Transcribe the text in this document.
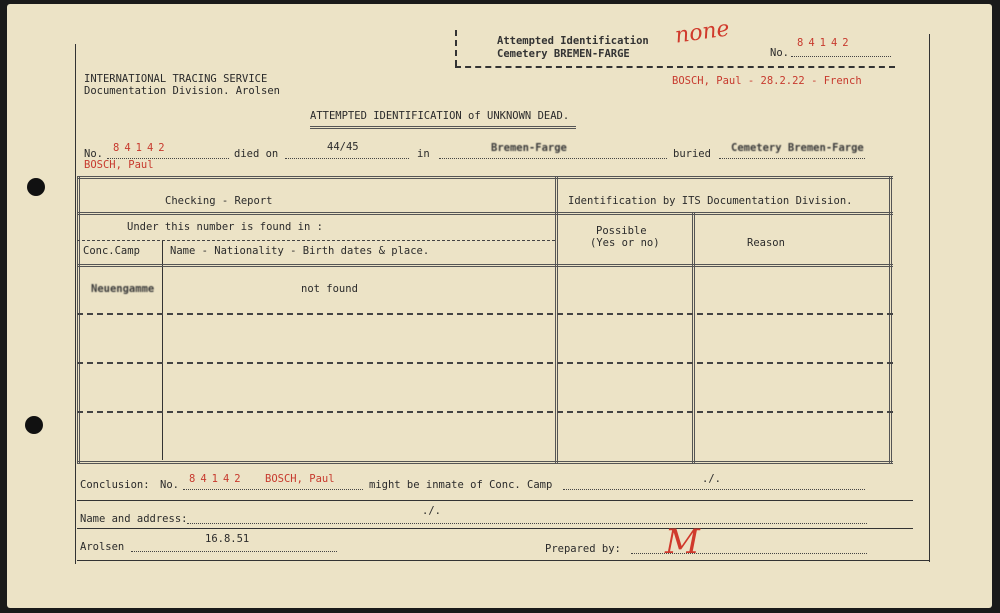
Attempted Identification
Cemetery BREMEN-FARGE
none
No.
84142
INTERNATIONAL TRACING SERVICE
Documentation Division. Arolsen
BOSCH, Paul - 28.2.22 - French
ATTEMPTED IDENTIFICATION of UNKNOWN DEAD.
No. 84142
BOSCH, Paul
died on
44/45
in	Bremen-Farge	buried Cemetery Bremen-Farge
Checking - Report	Identification by ITS Documentation Division.
Under this number is found in :
Conc.Camp	Name - Nationality - Birth dates & place.
Possible
(Yes or no)	Reason
Neuengamme	not found
Conclusion: No. 84142 BOSCH, Paul	might be inmate of Conc. Camp	./.
Name and address:
./.
Arolsen
16.8.51
Prepared by: M
